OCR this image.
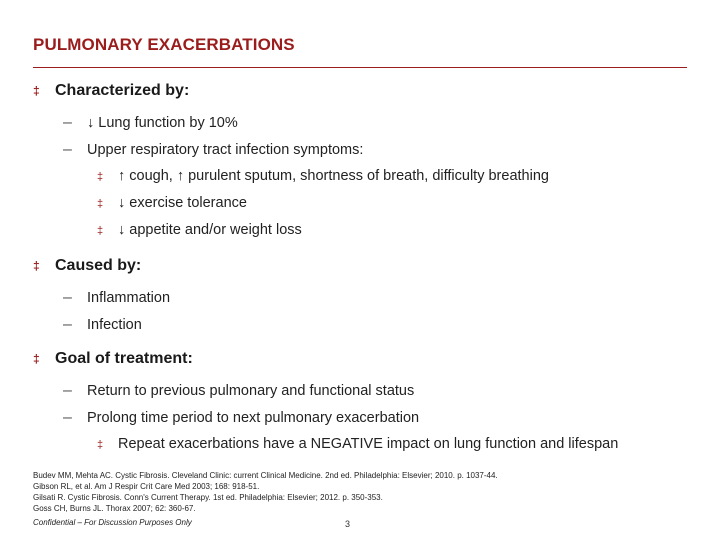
PULMONARY EXACERBATIONS
‡ Characterized by:
– ↓ Lung function by 10%
– Upper respiratory tract infection symptoms:
‡ ↑ cough, ↑ purulent sputum, shortness of breath, difficulty breathing
‡ ↓ exercise tolerance
‡ ↓ appetite and/or weight loss
‡ Caused by:
– Inflammation
– Infection
‡ Goal of treatment:
– Return to previous pulmonary and functional status
– Prolong time period to next pulmonary exacerbation
‡ Repeat exacerbations have a NEGATIVE impact on lung function and lifespan
Budev MM, Mehta AC. Cystic Fibrosis. Cleveland Clinic: current Clinical Medicine. 2nd ed. Philadelphia: Elsevier; 2010. p. 1037-44.
Gibson RL, et al. Am J Respir Crit Care Med 2003; 168: 918-51.
Gilsati R. Cystic Fibrosis. Conn's Current Therapy. 1st ed. Philadelphia: Elsevier; 2012. p. 350-353.
Goss CH, Burns JL. Thorax 2007; 62: 360-67.
Confidential – For Discussion Purposes Only	3
